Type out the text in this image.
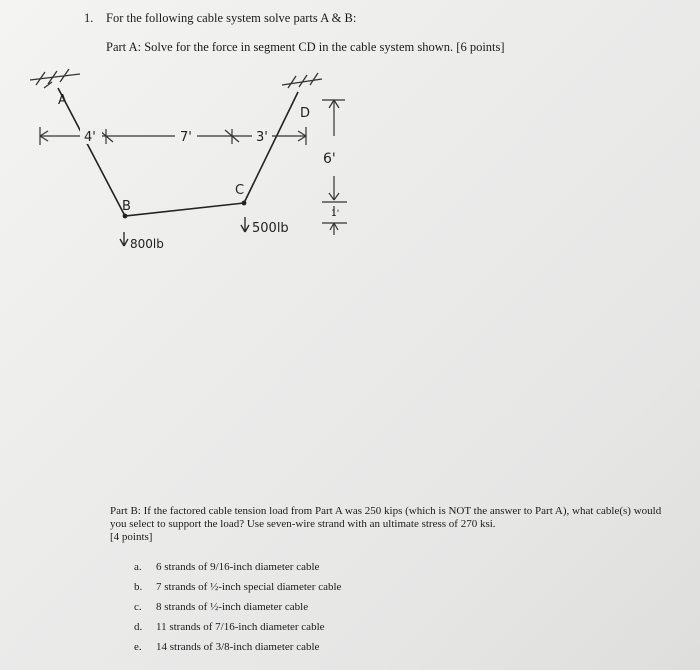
1. For the following cable system solve parts A & B:
Part A: Solve for the force in segment CD in the cable system shown. [6 points]
A
B
C
D
4'	7'	3'
6'
1'
800lb
500lb
Part B: If the factored cable tension load from Part A was 250 kips (which is NOT the answer to Part A), what cable(s) would you select to support the load? Use seven-wire strand with an ultimate stress of 270 ksi.
[4 points]
a.	6 strands of 9/16-inch diameter cable
b.	7 strands of ½-inch special diameter cable
c.	8 strands of ½-inch diameter cable
d.	11 strands of 7/16-inch diameter cable
e.	14 strands of 3/8-inch diameter cable
